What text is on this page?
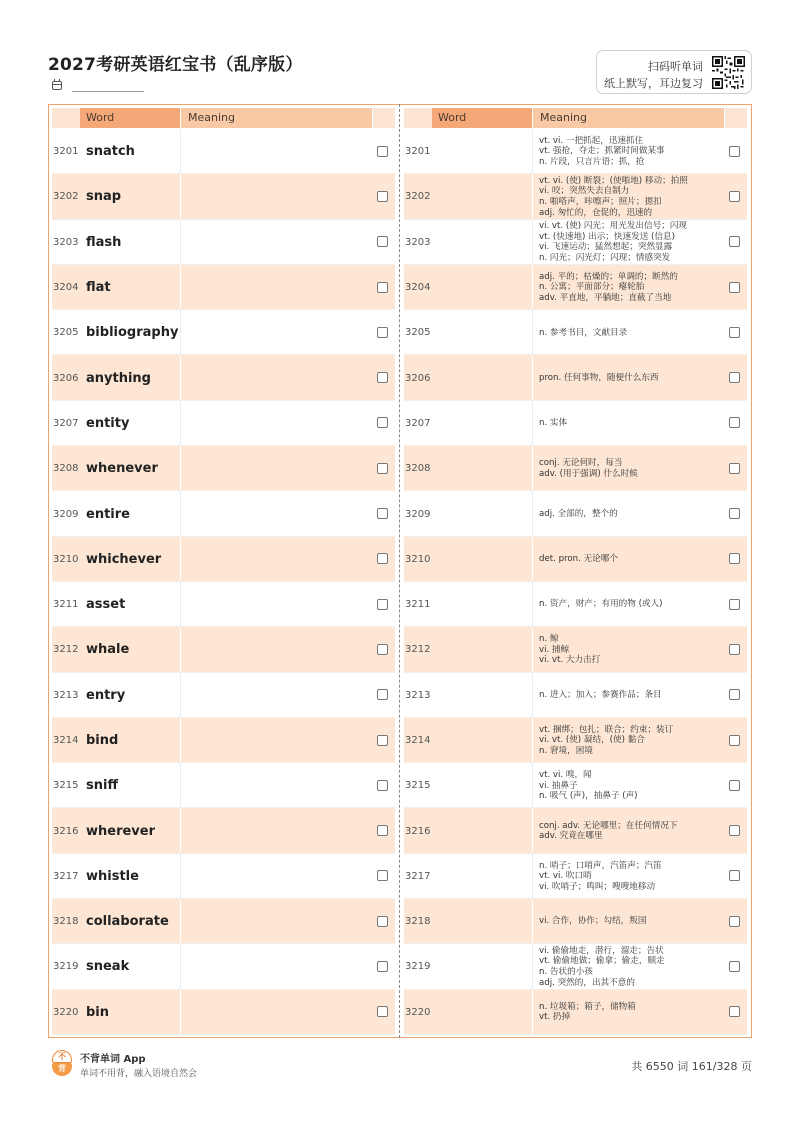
2027考研英语红宝书（乱序版）	扫码听单词
纸上默写，耳边复习
Word	Meaning
3201 snatch
3202 snap
3203 flash
3204 flat
3205 bibliography
3206 anything
3207 entity
3208 whenever
3209 entire
3210 whichever
3211 asset
3212 whale
3213 entry
3214 bind
3215 sniff
3216 wherever
3217 whistle
3218 collaborate
3219 sneak
3220 bin
Word	Meaning
3201
vt. vi. 一把抓起，迅速抓住
vt. 强抢，夺走；抓紧时间做某事
n. 片段，只言片语；抓，抢
3202
vt. vi. (使) 断裂；(使啪地) 移动；拍照
vi. 咬；突然失去自制力
n. 啪嗒声，咔嚓声；照片；摁扣
adj. 匆忙的，仓促的，迅速的
3203
vi. vt. (使) 闪光；用光发出信号；闪现
vt. (快速地) 出示；快速发送 (信息)
vi. 飞速运动；猛然想起；突然显露
n. 闪光；闪光灯；闪现；情感突发
3204
adj. 平的；枯燥的；单调的；断然的
n. 公寓；平面部分；瘪轮胎
adv. 平直地，平躺地；直截了当地
3205	n. 参考书目，文献目录
3206	pron. 任何事物，随便什么东西
3207	n. 实体
3208
conj. 无论何时，每当
adv. (用于强调) 什么时候
3209	adj. 全部的，整个的
3210	det. pron. 无论哪个
3211	n. 资产，财产；有用的物 (或人)
3212
n. 鲸
vi. 捕鲸
vi. vt. 大力击打
3213	n. 进入；加入；参赛作品；条目
3214
vt. 捆绑；包扎；联合；约束；装订
vi. vt. (使) 凝结，(使) 黏合
n. 窘境，困境
3215
vt. vi. 嗅，闻
vi. 抽鼻子
n. 吸气 (声)，抽鼻子 (声)
3216
conj. adv. 无论哪里；在任何情况下
adv. 究竟在哪里
3217
n. 哨子；口哨声，汽笛声；汽笛
vt. vi. 吹口哨
vi. 吹哨子；鸣叫；嗖嗖地移动
3218	vi. 合作，协作；勾结，叛国
3219
vi. 偷偷地走，潜行，溜走；告状
vt. 偷偷地做；偷拿；偷走，顺走
n. 告状的小孩
adj. 突然的，出其不意的
3220
n. 垃圾箱；箱子，储物箱
vt. 扔掉
不
背
不背单词 App
单词不用背，融入语境自然会
共 6550 词 161/328 页
